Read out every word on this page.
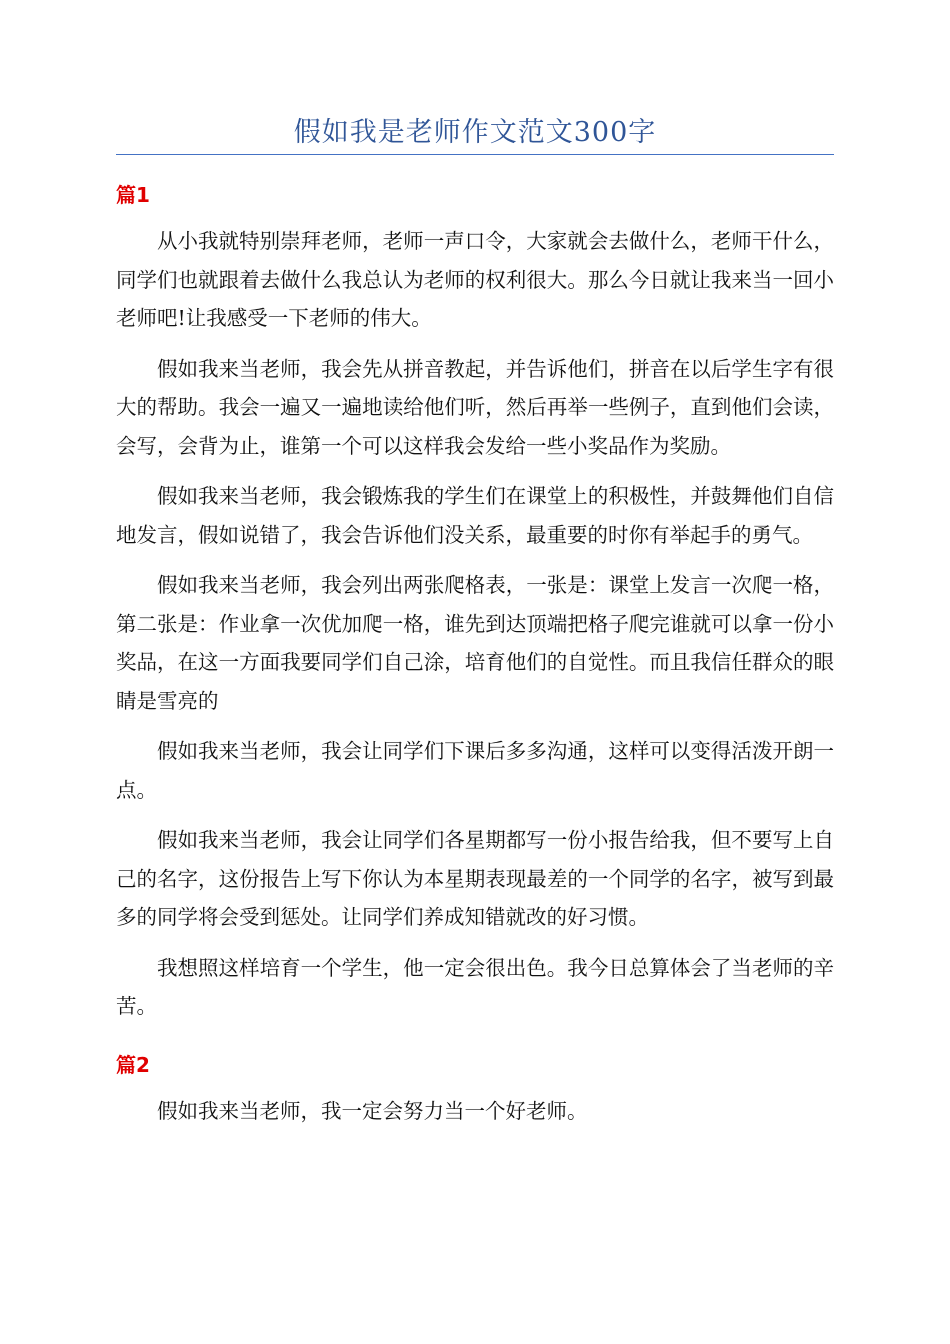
假如我是老师作文范文300字
篇1

从小我就特别崇拜老师，老师一声口令，大家就会去做什么，老师干什么，同学们也就跟着去做什么我总认为老师的权利很大。那么今日就让我来当一回小老师吧!让我感受一下老师的伟大。

假如我来当老师，我会先从拼音教起，并告诉他们，拼音在以后学生字有很大的帮助。我会一遍又一遍地读给他们听，然后再举一些例子，直到他们会读，会写，会背为止，谁第一个可以这样我会发给一些小奖品作为奖励。

假如我来当老师，我会锻炼我的学生们在课堂上的积极性，并鼓舞他们自信地发言，假如说错了，我会告诉他们没关系，最重要的时你有举起手的勇气。

假如我来当老师，我会列出两张爬格表，一张是：课堂上发言一次爬一格，第二张是：作业拿一次优加爬一格，谁先到达顶端把格子爬完谁就可以拿一份小奖品，在这一方面我要同学们自己涂，培育他们的自觉性。而且我信任群众的眼睛是雪亮的

假如我来当老师，我会让同学们下课后多多沟通，这样可以变得活泼开朗一点。

假如我来当老师，我会让同学们各星期都写一份小报告给我，但不要写上自己的名字，这份报告上写下你认为本星期表现最差的一个同学的名字，被写到最多的同学将会受到惩处。让同学们养成知错就改的好习惯。

我想照这样培育一个学生，他一定会很出色。我今日总算体会了当老师的辛苦。

篇2

假如我来当老师，我一定会努力当一个好老师。
